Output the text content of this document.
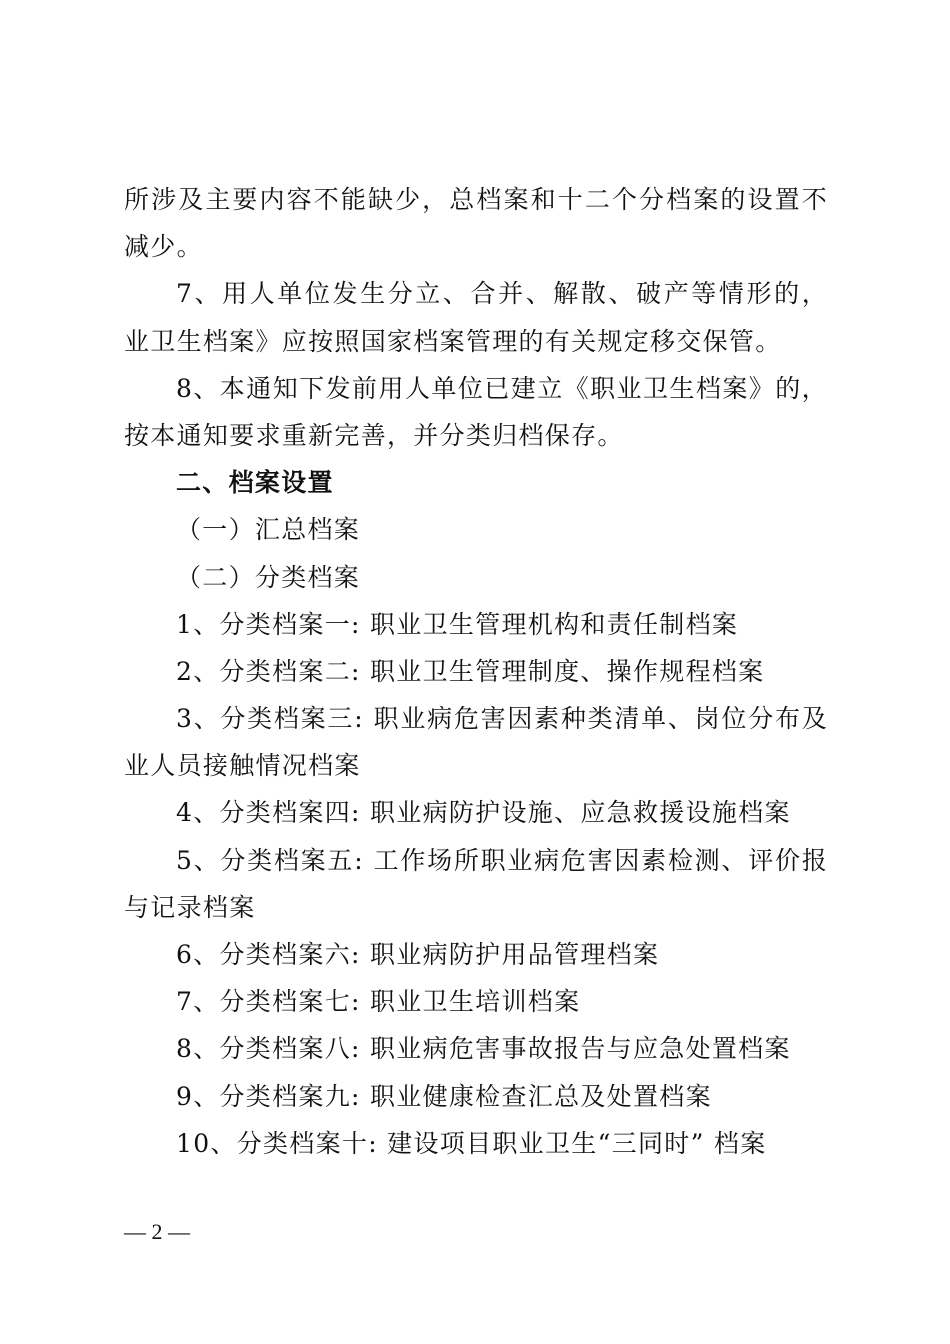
所涉及主要内容不能缺少，总档案和十二个分档案的设置不
减少。
7、用人单位发生分立、合并、解散、破产等情形的，
业卫生档案》应按照国家档案管理的有关规定移交保管。
8、本通知下发前用人单位已建立《职业卫生档案》的，
按本通知要求重新完善，并分类归档保存。
二、档案设置
（一）汇总档案
（二）分类档案
1、分类档案一: 职业卫生管理机构和责任制档案
2、分类档案二: 职业卫生管理制度、操作规程档案
3、分类档案三: 职业病危害因素种类清单、岗位分布及
业人员接触情况档案
4、分类档案四: 职业病防护设施、应急救援设施档案
5、分类档案五: 工作场所职业病危害因素检测、评价报
与记录档案
6、分类档案六: 职业病防护用品管理档案
7、分类档案七: 职业卫生培训档案
8、分类档案八: 职业病危害事故报告与应急处置档案
9、分类档案九: 职业健康检查汇总及处置档案
10、分类档案十: 建设项目职业卫生“三同时” 档案
— 2 —
